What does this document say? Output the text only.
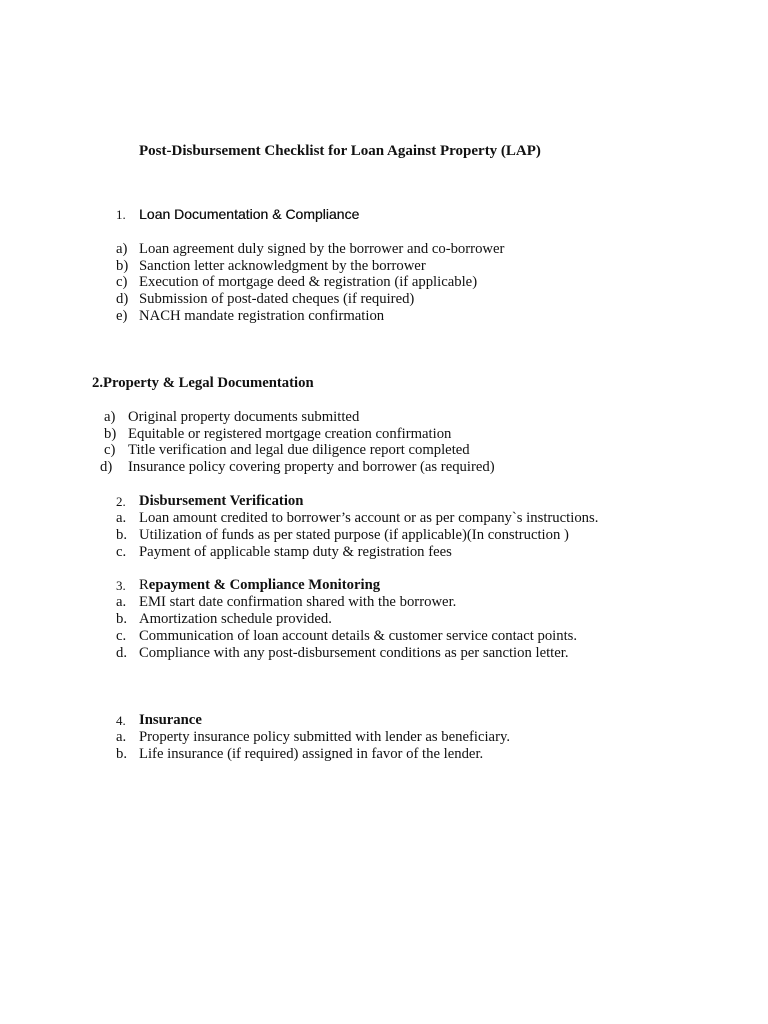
Post-Disbursement Checklist for Loan Against Property (LAP)
1. Loan Documentation & Compliance
a) Loan agreement duly signed by the borrower and co-borrower
b) Sanction letter acknowledgment by the borrower
c) Execution of mortgage deed & registration (if applicable)
d) Submission of post-dated cheques (if required)
e) NACH mandate registration confirmation
2.Property & Legal Documentation
a) Original property documents submitted
b) Equitable or registered mortgage creation confirmation
c) Title verification and legal due diligence report completed
d) Insurance policy covering property and borrower (as required)
2. Disbursement Verification
a. Loan amount credited to borrower’s account or as per company`s instructions.
b. Utilization of funds as per stated purpose (if applicable)(In construction )
c. Payment of applicable stamp duty & registration fees
3. Repayment & Compliance Monitoring
a. EMI start date confirmation shared with the borrower.
b. Amortization schedule provided.
c. Communication of loan account details & customer service contact points.
d. Compliance with any post-disbursement conditions as per sanction letter.
4. Insurance
a. Property insurance policy submitted with lender as beneficiary.
b. Life insurance (if required) assigned in favor of the lender.
